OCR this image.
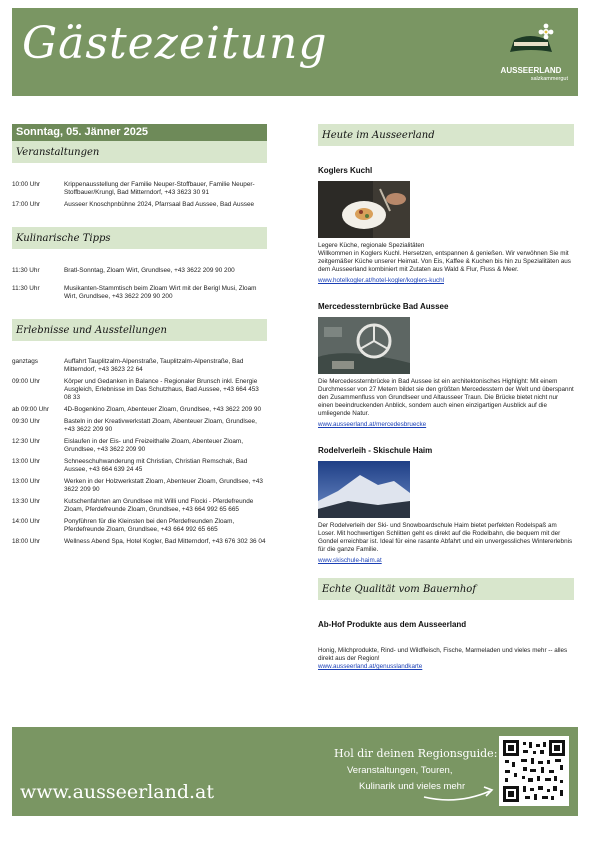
Gästezeitung
AUSSEERLAND
salzkammergut
Sonntag, 05. Jänner 2025
Veranstaltungen
10:00 Uhr	Krippenausstellung der Familie Neuper-Stoffbauer, Familie Neuper-Stoffbauer/Krungl, Bad Mitterndorf, +43 3623 30 91
17:00 Uhr	Ausseer Knoschpnbühne 2024, Pfarrsaal Bad Aussee, Bad Aussee
Kulinarische Tipps
11:30 Uhr	Bratl-Sonntag, Zloam Wirt, Grundlsee, +43 3622 209 90 200
11:30 Uhr	Musikanten-Stammtisch beim Zloam Wirt mit der Berigl Musi, Zloam Wirt, Grundlsee, +43 3622 209 90 200
Erlebnisse und Ausstellungen
ganztags	Auffahrt Tauplitzalm-Alpenstraße, Tauplitzalm-Alpenstraße, Bad Mitterndorf, +43 3623 22 64
09:00 Uhr	Körper und Gedanken in Balance - Regionaler Brunsch inkl. Energie Ausgleich, Erlebnisse im Das Schutzhaus, Bad Aussee, +43 664 453 08 33
ab 09:00 Uhr	4D-Bogenkino Zloam, Abenteuer Zloam, Grundlsee, +43 3622 209 90
09:30 Uhr	Basteln in der Kreativwerkstatt Zloam, Abenteuer Zloam, Grundlsee, +43 3622 209 90
12:30 Uhr	Eislaufen in der Eis- und Freizeithalle Zloam, Abenteuer Zloam, Grundlsee, +43 3622 209 90
13:00 Uhr	Schneeschuhwanderung mit Christian, Christian Remschak, Bad Aussee, +43 664 639 24 45
13:00 Uhr	Werken in der Holzwerkstatt Zloam, Abenteuer Zloam, Grundlsee, +43 3622 209 90
13:30 Uhr	Kutschenfahrten am Grundlsee mit Willi und Flocki - Pferdefreunde Zloam, Pferdefreunde Zloam, Grundlsee, +43 664 992 65 665
14:00 Uhr	Ponyführen für die Kleinsten bei den Pferdefreunden Zloam, Pferdefreunde Zloam, Grundlsee, +43 664 992 65 665
18:00 Uhr	Wellness Abend Spa, Hotel Kogler, Bad Mitterndorf, +43 676 302 36 04
Heute im Ausseerland
Koglers Kuchl
Legere Küche, regionale Spezialitäten
Willkommen in Koglers Kuchl. Hersetzen, entspannen & genießen. Wir verwöhnen Sie mit zeitgemäßer Küche unserer Heimat. Von Eis, Kaffee & Kuchen bis hin zu Spezialitäten aus dem Ausseerland kombiniert mit Zutaten aus Wald & Flur, Fluss & Meer.
www.hotelkogler.at/hotel-kogler/koglers-kuchl
Mercedessternbrücke Bad Aussee
Die Mercedessternbrücke in Bad Aussee ist ein architektonisches Highlight: Mit einem Durchmesser von 27 Metern bildet sie den größten Mercedesstern der Welt und überspannt den Zusammenfluss von Grundlseer und Altausseer Traun. Die Brücke bietet nicht nur einen beeindruckenden Anblick, sondern auch einen einzigartigen Ausblick auf die umliegende Natur.
www.ausseerland.at/mercedesbruecke
Rodelverleih - Skischule Haim
Der Rodelverleih der Ski- und Snowboardschule Haim bietet perfekten Rodelspaß am Loser. Mit hochwertigen Schlitten geht es direkt auf die Rodelbahn, die bequem mit der Gondel erreichbar ist. Ideal für eine rasante Abfahrt und ein unvergessliches Wintererlebnis für die ganze Familie.
www.skischule-haim.at
Echte Qualität vom Bauernhof
Ab-Hof Produkte aus dem Ausseerland
Honig, Milchprodukte, Rind- und Wildfleisch, Fische, Marmeladen und vieles mehr -- alles direkt aus der Region!
www.ausseerland.at/genusslandkarte
www.ausseerland.at
Hol dir deinen Regionsguide:
Veranstaltungen, Touren,
Kulinarik und vieles mehr
